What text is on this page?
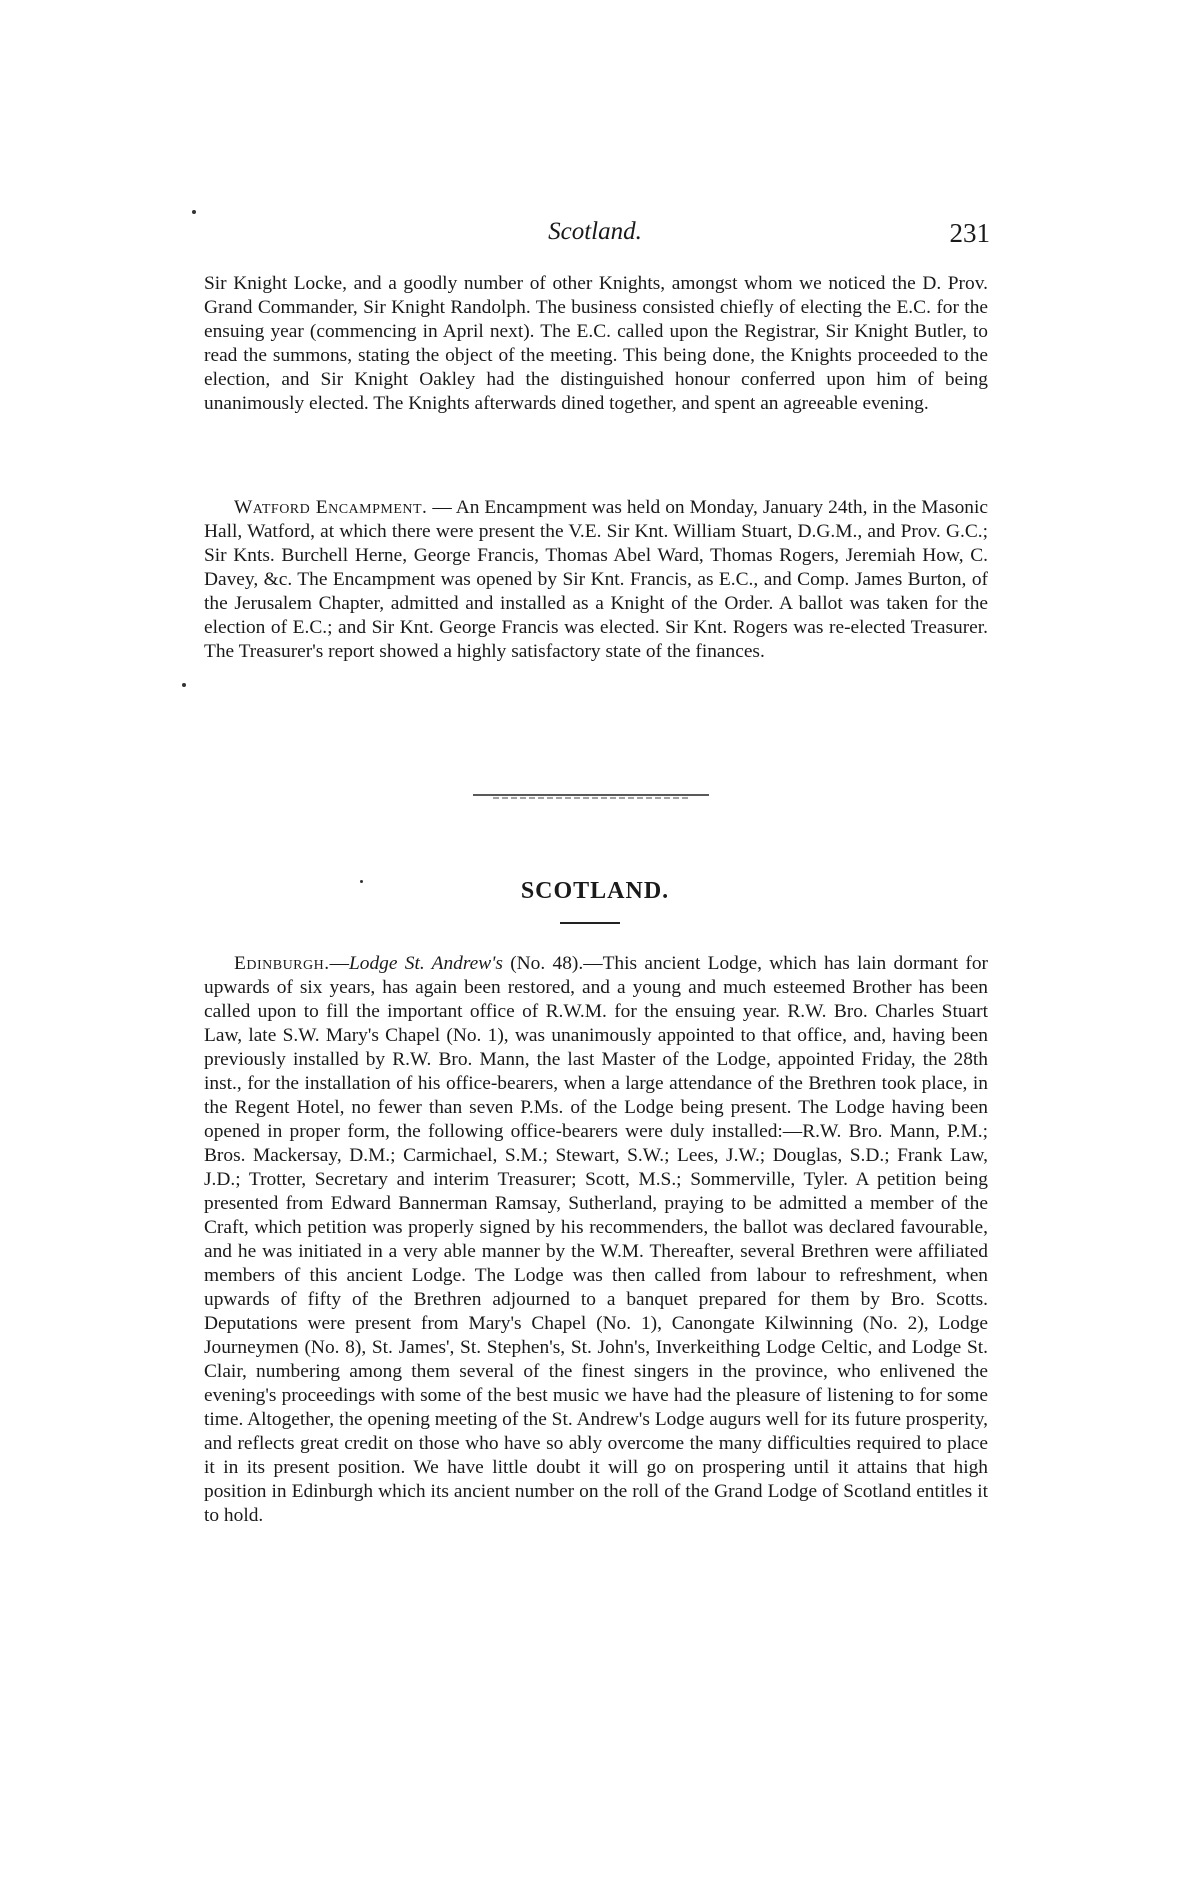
Scotland.	231

Sir Knight Locke, and a goodly number of other Knights, amongst whom we noticed the D. Prov. Grand Commander, Sir Knight Randolph. The business consisted chiefly of electing the E.C. for the ensuing year (commencing in April next). The E.C. called upon the Registrar, Sir Knight Butler, to read the summons, stating the object of the meeting. This being done, the Knights proceeded to the election, and Sir Knight Oakley had the distinguished honour conferred upon him of being unanimously elected. The Knights afterwards dined together, and spent an agreeable evening.

Watford Encampment. — An Encampment was held on Monday, January 24th, in the Masonic Hall, Watford, at which there were present the V.E. Sir Knt. William Stuart, D.G.M., and Prov. G.C.; Sir Knts. Burchell Herne, George Francis, Thomas Abel Ward, Thomas Rogers, Jeremiah How, C. Davey, &c. The Encampment was opened by Sir Knt. Francis, as E.C., and Comp. James Burton, of the Jerusalem Chapter, admitted and installed as a Knight of the Order. A ballot was taken for the election of E.C.; and Sir Knt. George Francis was elected. Sir Knt. Rogers was re-elected Treasurer. The Treasurer's report showed a highly satisfactory state of the finances.

SCOTLAND.

Edinburgh.—Lodge St. Andrew's (No. 48).—This ancient Lodge, which has lain dormant for upwards of six years, has again been restored, and a young and much esteemed Brother has been called upon to fill the important office of R.W.M. for the ensuing year. R.W. Bro. Charles Stuart Law, late S.W. Mary's Chapel (No. 1), was unanimously appointed to that office, and, having been previously installed by R.W. Bro. Mann, the last Master of the Lodge, appointed Friday, the 28th inst., for the installation of his office-bearers, when a large attendance of the Brethren took place, in the Regent Hotel, no fewer than seven P.Ms. of the Lodge being present. The Lodge having been opened in proper form, the following office-bearers were duly installed:—R.W. Bro. Mann, P.M.; Bros. Mackersay, D.M.; Carmichael, S.M.; Stewart, S.W.; Lees, J.W.; Douglas, S.D.; Frank Law, J.D.; Trotter, Secretary and interim Treasurer; Scott, M.S.; Sommerville, Tyler. A petition being presented from Edward Bannerman Ramsay, Sutherland, praying to be admitted a member of the Craft, which petition was properly signed by his recommenders, the ballot was declared favourable, and he was initiated in a very able manner by the W.M. Thereafter, several Brethren were affiliated members of this ancient Lodge. The Lodge was then called from labour to refreshment, when upwards of fifty of the Brethren adjourned to a banquet prepared for them by Bro. Scotts. Deputations were present from Mary's Chapel (No. 1), Canongate Kilwinning (No. 2), Lodge Journeymen (No. 8), St. James', St. Stephen's, St. John's, Inverkeithing Lodge Celtic, and Lodge St. Clair, numbering among them several of the finest singers in the province, who enlivened the evening's proceedings with some of the best music we have had the pleasure of listening to for some time. Altogether, the opening meeting of the St. Andrew's Lodge augurs well for its future prosperity, and reflects great credit on those who have so ably overcome the many difficulties required to place it in its present position. We have little doubt it will go on prospering until it attains that high position in Edinburgh which its ancient number on the roll of the Grand Lodge of Scotland entitles it to hold.
